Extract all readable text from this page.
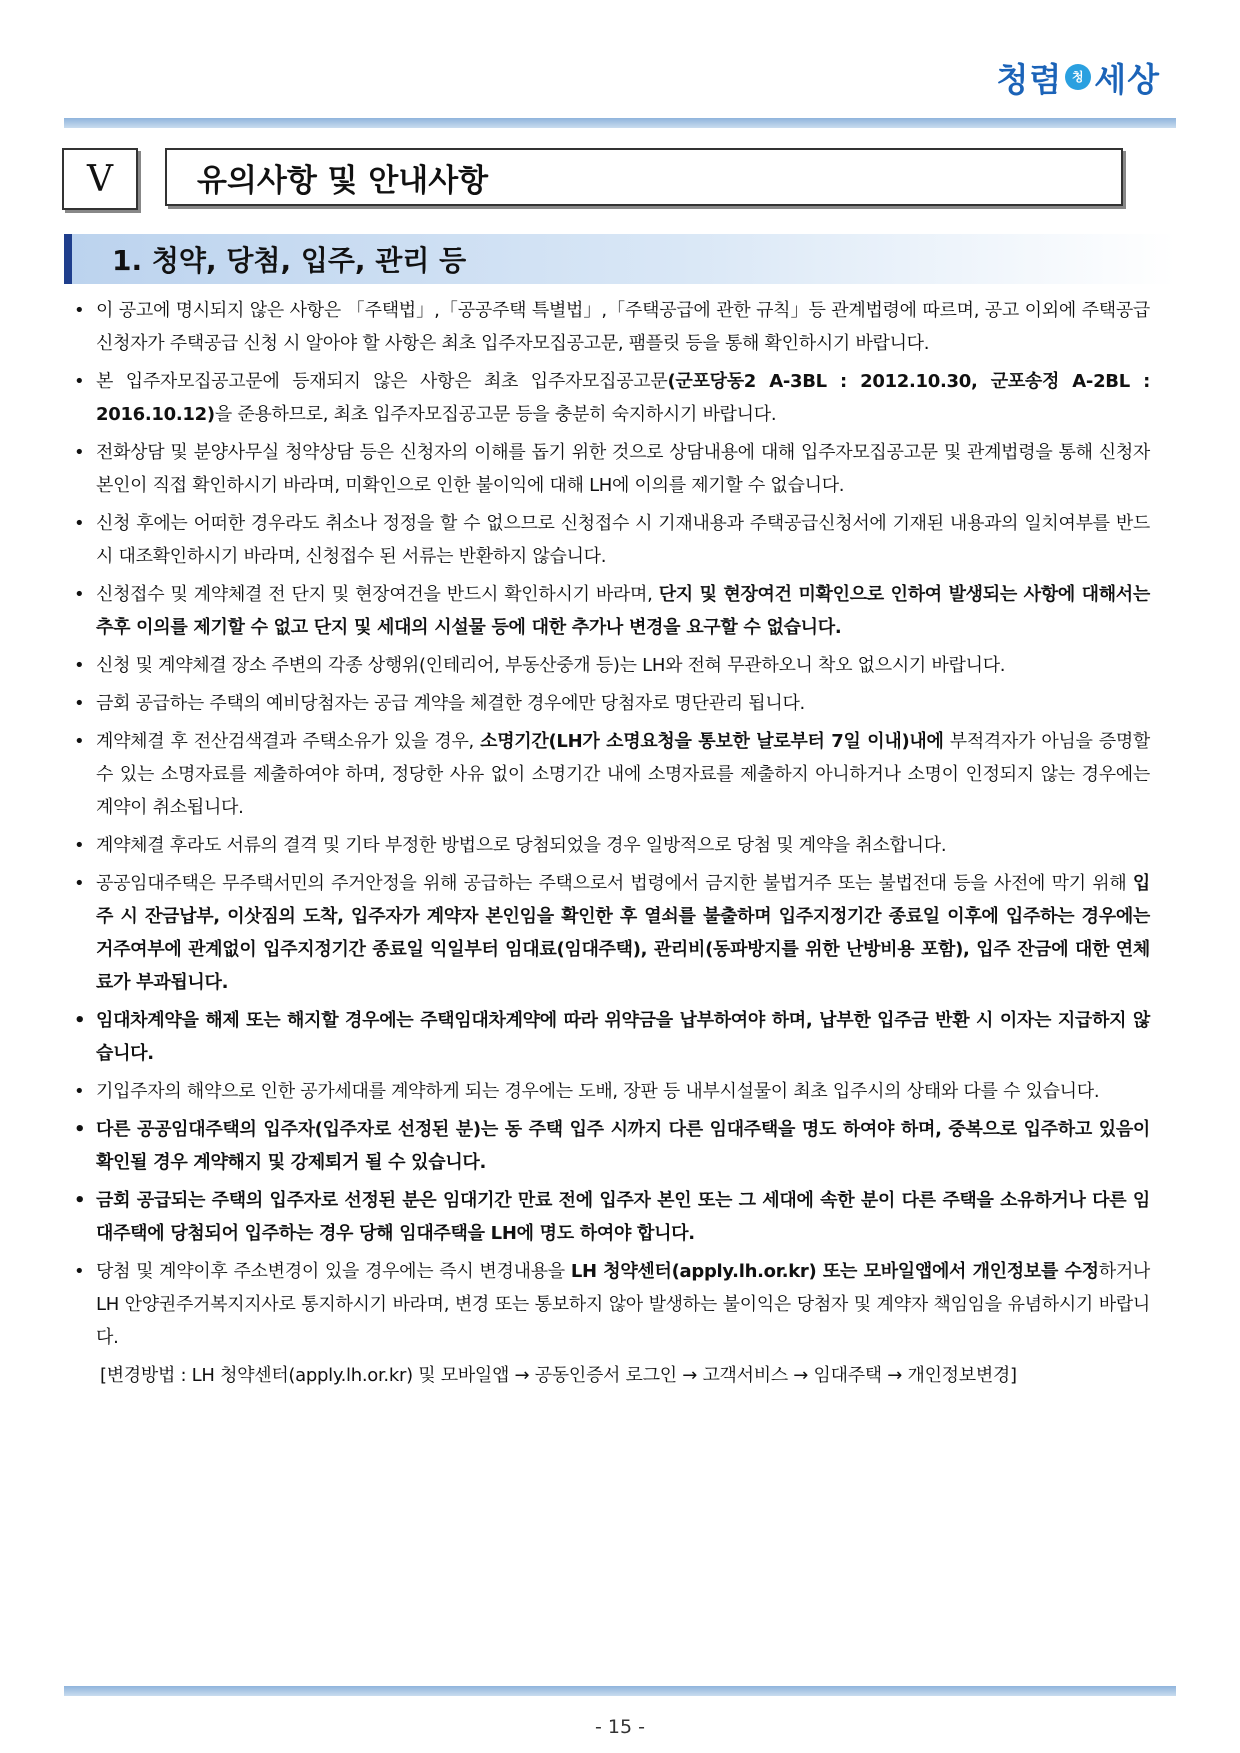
청렴 청 세상
Ⅴ	유의사항 및 안내사항
1. 청약, 당첨, 입주, 관리 등
• 이 공고에 명시되지 않은 사항은 「주택법」,「공공주택 특별법」,「주택공급에 관한 규칙」등 관계법령에 따르며, 공고 이외에 주택공급 신청자가 주택공급 신청 시 알아야 할 사항은 최초 입주자모집공고문, 팸플릿 등을 통해 확인하시기 바랍니다.
• 본 입주자모집공고문에 등재되지 않은 사항은 최초 입주자모집공고문(군포당동2 A-3BL : 2012.10.30, 군포송정 A-2BL : 2016.10.12)을 준용하므로, 최초 입주자모집공고문 등을 충분히 숙지하시기 바랍니다.
• 전화상담 및 분양사무실 청약상담 등은 신청자의 이해를 돕기 위한 것으로 상담내용에 대해 입주자모집공고문 및 관계법령을 통해 신청자 본인이 직접 확인하시기 바라며, 미확인으로 인한 불이익에 대해 LH에 이의를 제기할 수 없습니다.
• 신청 후에는 어떠한 경우라도 취소나 정정을 할 수 없으므로 신청접수 시 기재내용과 주택공급신청서에 기재된 내용과의 일치여부를 반드시 대조확인하시기 바라며, 신청접수 된 서류는 반환하지 않습니다.
• 신청접수 및 계약체결 전 단지 및 현장여건을 반드시 확인하시기 바라며, 단지 및 현장여건 미확인으로 인하여 발생되는 사항에 대해서는 추후 이의를 제기할 수 없고 단지 및 세대의 시설물 등에 대한 추가나 변경을 요구할 수 없습니다.
• 신청 및 계약체결 장소 주변의 각종 상행위(인테리어, 부동산중개 등)는 LH와 전혀 무관하오니 착오 없으시기 바랍니다.
• 금회 공급하는 주택의 예비당첨자는 공급 계약을 체결한 경우에만 당첨자로 명단관리 됩니다.
• 계약체결 후 전산검색결과 주택소유가 있을 경우, 소명기간(LH가 소명요청을 통보한 날로부터 7일 이내)내에 부적격자가 아님을 증명할 수 있는 소명자료를 제출하여야 하며, 정당한 사유 없이 소명기간 내에 소명자료를 제출하지 아니하거나 소명이 인정되지 않는 경우에는 계약이 취소됩니다.
• 계약체결 후라도 서류의 결격 및 기타 부정한 방법으로 당첨되었을 경우 일방적으로 당첨 및 계약을 취소합니다.
• 공공임대주택은 무주택서민의 주거안정을 위해 공급하는 주택으로서 법령에서 금지한 불법거주 또는 불법전대 등을 사전에 막기 위해 입주 시 잔금납부, 이삿짐의 도착, 입주자가 계약자 본인임을 확인한 후 열쇠를 불출하며 입주지정기간 종료일 이후에 입주하는 경우에는 거주여부에 관계없이 입주지정기간 종료일 익일부터 임대료(임대주택), 관리비(동파방지를 위한 난방비용 포함), 입주 잔금에 대한 연체료가 부과됩니다.
• 임대차계약을 해제 또는 해지할 경우에는 주택임대차계약에 따라 위약금을 납부하여야 하며, 납부한 입주금 반환 시 이자는 지급하지 않습니다.
• 기입주자의 해약으로 인한 공가세대를 계약하게 되는 경우에는 도배, 장판 등 내부시설물이 최초 입주시의 상태와 다를 수 있습니다.
• 다른 공공임대주택의 입주자(입주자로 선정된 분)는 동 주택 입주 시까지 다른 임대주택을 명도 하여야 하며, 중복으로 입주하고 있음이 확인될 경우 계약해지 및 강제퇴거 될 수 있습니다.
• 금회 공급되는 주택의 입주자로 선정된 분은 임대기간 만료 전에 입주자 본인 또는 그 세대에 속한 분이 다른 주택을 소유하거나 다른 임대주택에 당첨되어 입주하는 경우 당해 임대주택을 LH에 명도 하여야 합니다.
• 당첨 및 계약이후 주소변경이 있을 경우에는 즉시 변경내용을 LH 청약센터(apply.lh.or.kr) 또는 모바일앱에서 개인정보를 수정하거나 LH 안양권주거복지지사로 통지하시기 바라며, 변경 또는 통보하지 않아 발생하는 불이익은 당첨자 및 계약자 책임임을 유념하시기 바랍니다.
[변경방법 : LH 청약센터(apply.lh.or.kr) 및 모바일앱 → 공동인증서 로그인 → 고객서비스 → 임대주택 → 개인정보변경]
- 15 -
